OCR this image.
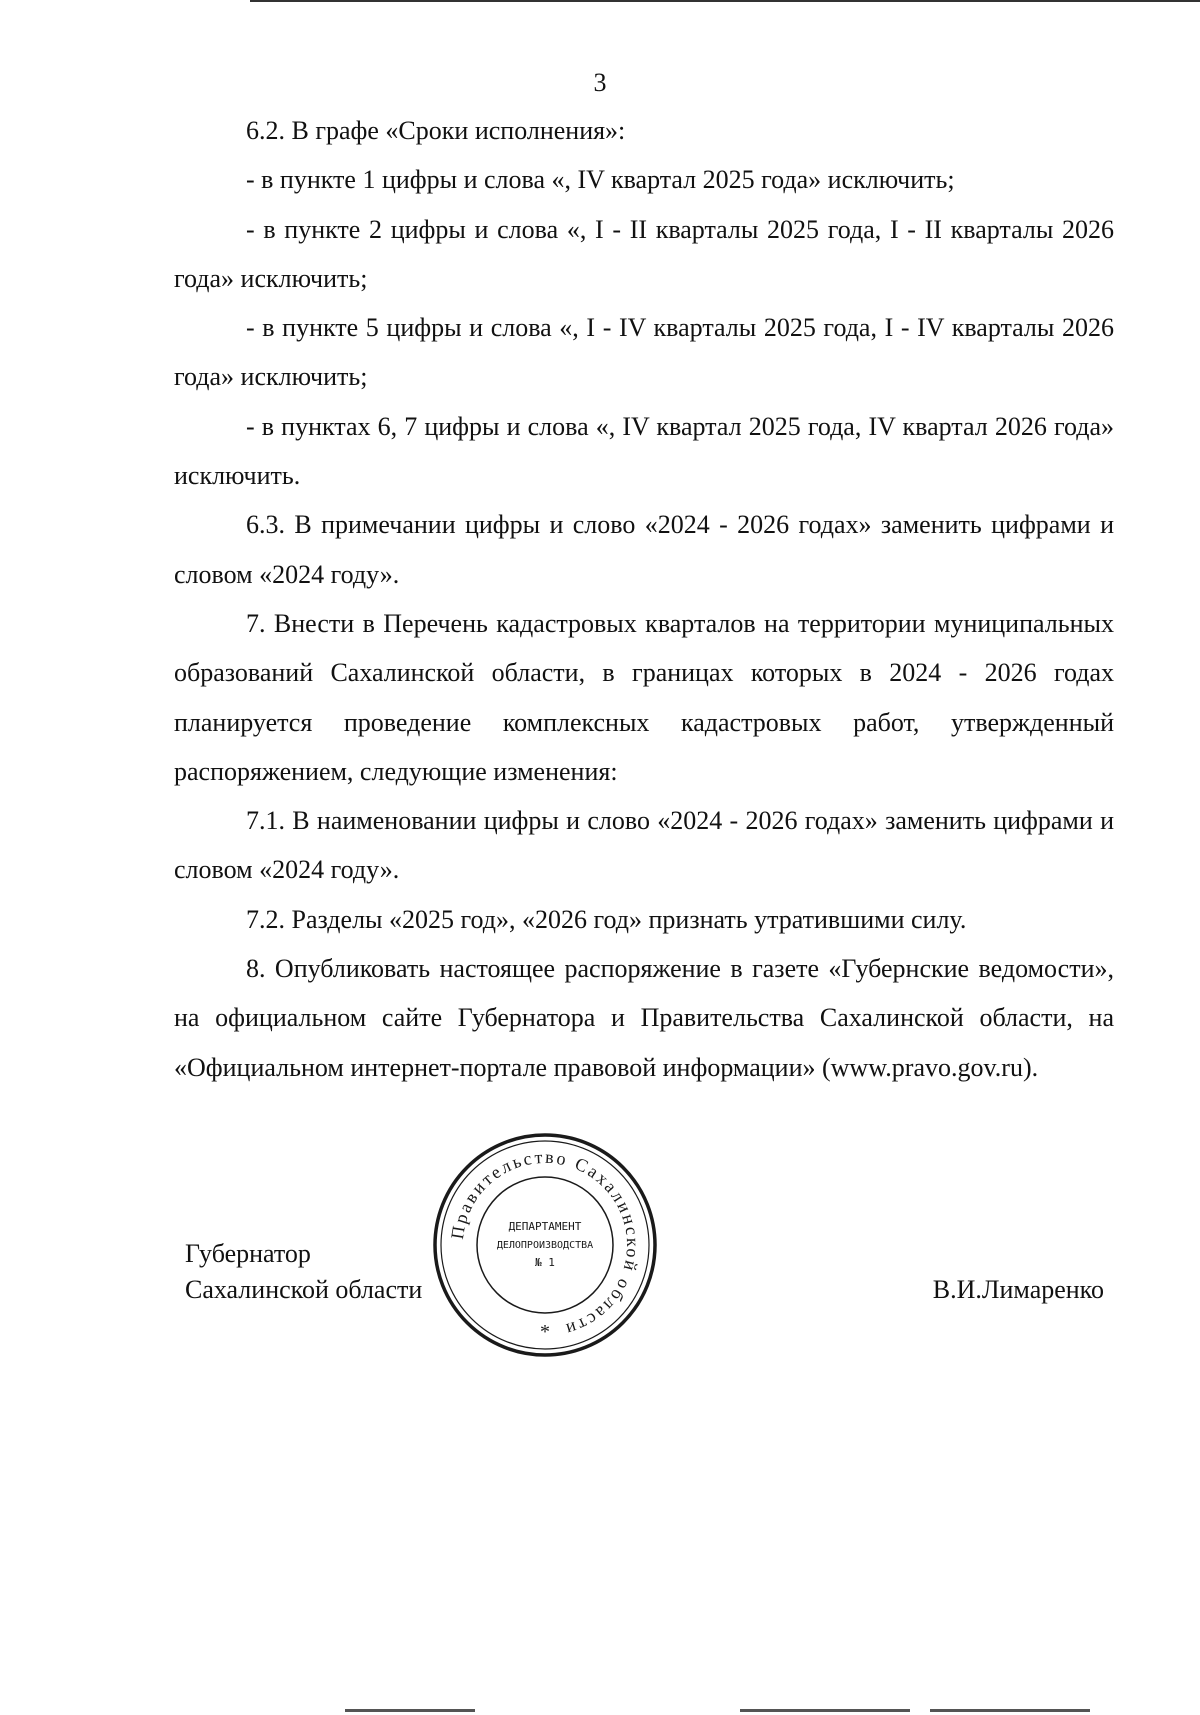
3

6.2. В графе «Сроки исполнения»:

- в пункте 1 цифры и слова «, IV квартал 2025 года» исключить;

- в пункте 2 цифры и слова «, I - II кварталы 2025 года, I - II кварталы 2026 года» исключить;

- в пункте 5 цифры и слова «, I - IV кварталы 2025 года, I - IV кварталы 2026 года» исключить;

- в пунктах 6, 7 цифры и слова «, IV квартал 2025 года, IV квартал 2026 года» исключить.

6.3. В примечании цифры и слово «2024 - 2026 годах» заменить цифрами и словом «2024 году».

7. Внести в Перечень кадастровых кварталов на территории муниципальных образований Сахалинской области, в границах которых в 2024 - 2026 годах планируется проведение комплексных кадастровых работ, утвержденный распоряжением, следующие изменения:

7.1. В наименовании цифры и слово «2024 - 2026 годах» заменить цифрами и словом «2024 году».

7.2. Разделы «2025 год», «2026 год» признать утратившими силу.

8. Опубликовать настоящее распоряжение в газете «Губернские ведомости», на официальном сайте Губернатора и Правительства Сахалинской области, на «Официальном интернет-портале правовой информации» (www.pravo.gov.ru).

Губернатор
Сахалинской области	В.И.Лимаренко
Правительство Сахалинской области
ДЕПАРТАМЕНТ
ДЕЛОПРОИЗВОДСТВА
№ 1
*
